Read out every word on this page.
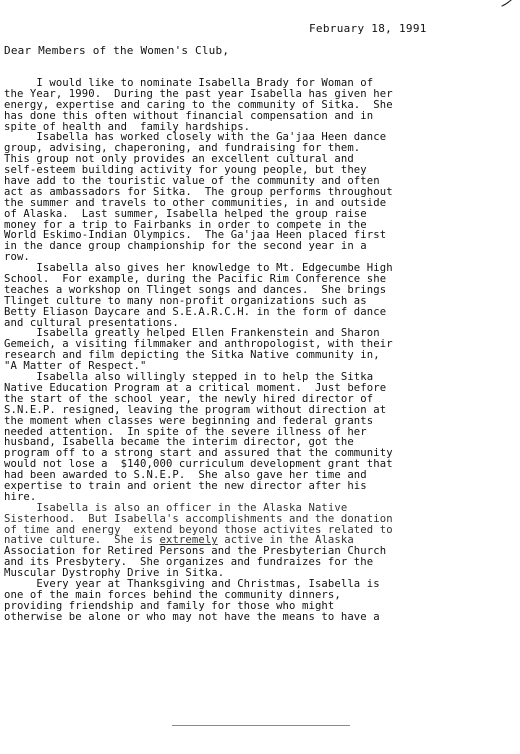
February 18, 1991
Dear Members of the Women's Club,
I would like to nominate Isabella Brady for Woman of
the Year, 1990.  During the past year Isabella has given her
energy, expertise and caring to the community of Sitka.  She
has done this often without financial compensation and in
spite of health and  family hardships.
Isabella has worked closely with the Ga'jaa Heen dance
group, advising, chaperoning, and fundraising for them.
This group not only provides an excellent cultural and
self-esteem building activity for young people, but they
have add to the touristic value of the community and often
act as ambassadors for Sitka.  The group performs throughout
the summer and travels to other communities, in and outside
of Alaska.  Last summer, Isabella helped the group raise
money for a trip to Fairbanks in order to compete in the
World Eskimo-Indian Olympics.  The Ga'jaa Heen placed first
in the dance group championship for the second year in a
row.
Isabella also gives her knowledge to Mt. Edgecumbe High
School.  For example, during the Pacific Rim Conference she
teaches a workshop on Tlinget songs and dances.  She brings
Tlinget culture to many non-profit organizations such as
Betty Eliason Daycare and S.E.A.R.C.H. in the form of dance
and cultural presentations.
Isabella greatly helped Ellen Frankenstein and Sharon
Gemeich, a visiting filmmaker and anthropologist, with their
research and film depicting the Sitka Native community in,
"A Matter of Respect."
Isabella also willingly stepped in to help the Sitka
Native Education Program at a critical moment.  Just before
the start of the school year, the newly hired director of
S.N.E.P. resigned, leaving the program without direction at
the moment when classes were beginning and federal grants
needed attention.  In spite of the severe illness of her
husband, Isabella became the interim director, got the
program off to a strong start and assured that the community
would not lose a  $140,000 curriculum development grant that
had been awarded to S.N.E.P.  She also gave her time and
expertise to train and orient the new director after his
hire.
Isabella is also an officer in the Alaska Native
Sisterhood.  But Isabella's accomplishments and the donation
of time and energy  extend beyond those activites related to
native culture.  She is extremely active in the Alaska
Association for Retired Persons and the Presbyterian Church
and its Presbytery.  She organizes and fundraizes for the
Muscular Dystrophy Drive in Sitka.
Every year at Thanksgiving and Christmas, Isabella is
one of the main forces behind the community dinners,
providing friendship and family for those who might
otherwise be alone or who may not have the means to have a
